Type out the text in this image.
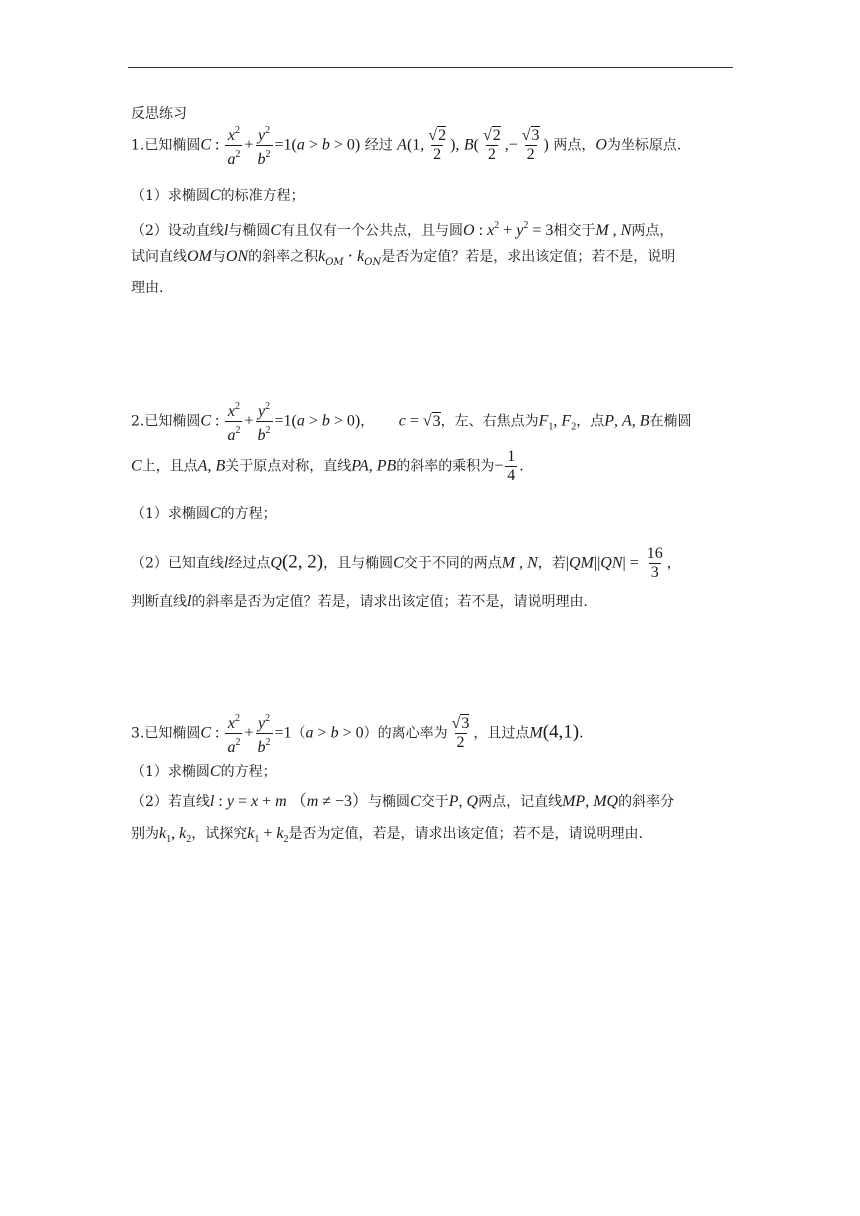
反思练习
1.已知椭圆C : $\frac{x^2}{a^2} + \frac{y^2}{b^2} =1(a > b > 0)$ 经过 A(1, $\frac{√2}{2}$ ), $B( \frac{√2}{2}$ ,− $\frac{√3}{2}$ ) 两点，O为坐标原点.
（1）求椭圆C的标准方程；
（2）设动直线l与椭圆C有且仅有一个公共点，且与圆O : $x^2 + y^2 = 3$相交于M , N两点，
试问直线OM与ON的斜率之积$k_{OM} \cdot k_{ON}$是否为定值？若是，求出该定值；若不是，说明
理由.
2.已知椭圆C : $\frac{x^2}{a^2} + \frac{y^2}{b^2} =1(a > b > 0)$， c = √3，左、右焦点为$F_1$, $F_2$，点P, A, B在椭圆
C上，且点A, B关于原点对称，直线PA, PB的斜率的乘积为− $\frac{1}{4}$ .
（1）求椭圆C的方程；
（2）已知直线l经过点Q(2, 2)，且与椭圆C交于不同的两点M , N，若$|QM||QN| = \frac{16}{3}$ ，
判断直线l的斜率是否为定值？若是，请求出该定值；若不是，请说明理由.
3.已知椭圆C : $\frac{x^2}{a^2} + \frac{y^2}{b^2} =1(a > b > 0)$的离心率为 $\frac{√3}{2}$ ，且过点M(4,1).
（1）求椭圆C的方程；
（2）若直线l : y = x + m （m ≠ −3）与椭圆C交于P, Q两点，记直线MP, MQ的斜率分
别为$k_1$, $k_2$，试探究$k_1 + k_2$是否为定值，若是，请求出该定值；若不是，请说明理由.
